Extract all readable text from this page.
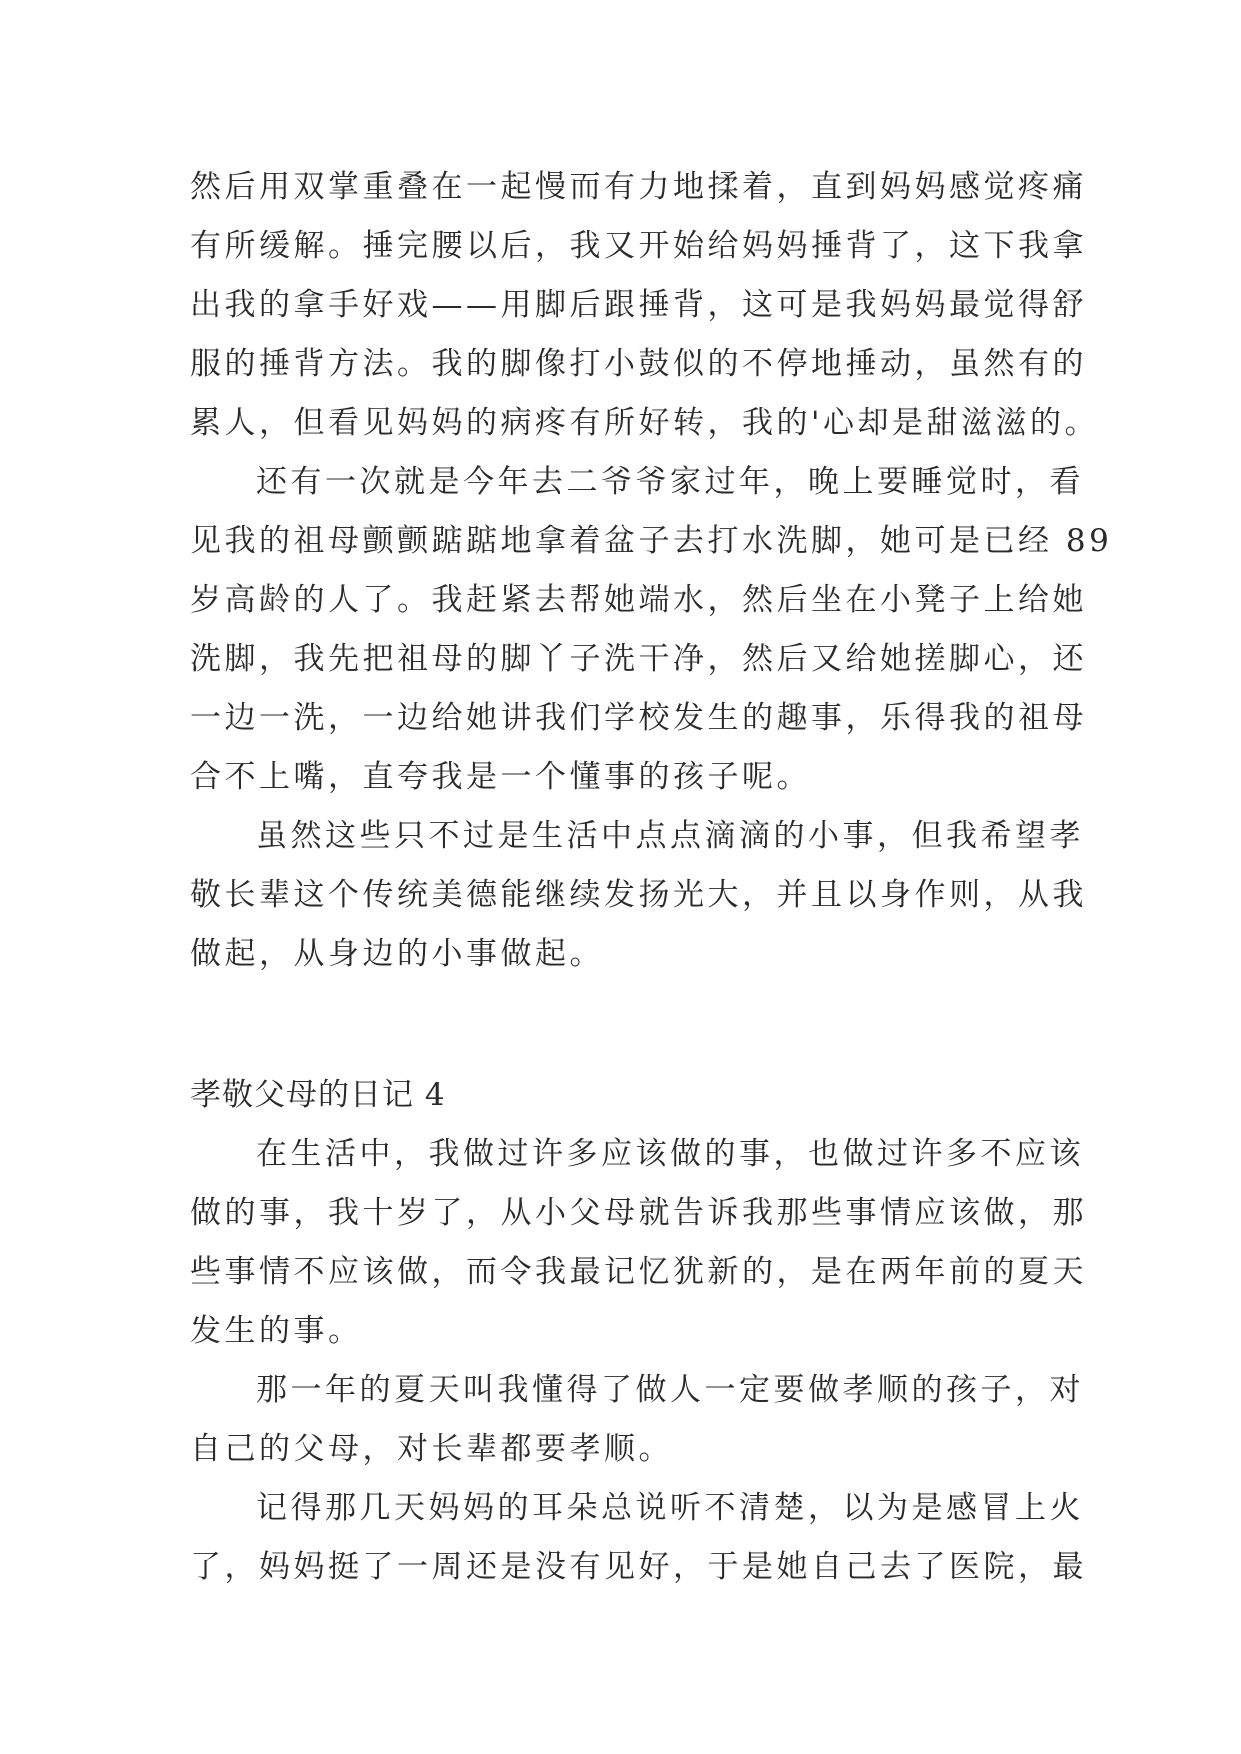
然后用双掌重叠在一起慢而有力地揉着，直到妈妈感觉疼痛

有所缓解。捶完腰以后，我又开始给妈妈捶背了，这下我拿

出我的拿手好戏——用脚后跟捶背，这可是我妈妈最觉得舒

服的捶背方法。我的脚像打小鼓似的不停地捶动，虽然有的

累人，但看见妈妈的病疼有所好转，我的'心却是甜滋滋的。

还有一次就是今年去二爷爷家过年，晚上要睡觉时，看

见我的祖母颤颤踮踮地拿着盆子去打水洗脚，她可是已经 89

岁高龄的人了。我赶紧去帮她端水，然后坐在小凳子上给她

洗脚，我先把祖母的脚丫子洗干净，然后又给她搓脚心，还

一边一洗，一边给她讲我们学校发生的趣事，乐得我的祖母

合不上嘴，直夸我是一个懂事的孩子呢。

虽然这些只不过是生活中点点滴滴的小事，但我希望孝

敬长辈这个传统美德能继续发扬光大，并且以身作则，从我

做起，从身边的小事做起。

孝敬父母的日记 4

在生活中，我做过许多应该做的事，也做过许多不应该

做的事，我十岁了，从小父母就告诉我那些事情应该做，那

些事情不应该做，而令我最记忆犹新的，是在两年前的夏天

发生的事。

那一年的夏天叫我懂得了做人一定要做孝顺的孩子，对

自己的父母，对长辈都要孝顺。

记得那几天妈妈的耳朵总说听不清楚，以为是感冒上火

了，妈妈挺了一周还是没有见好，于是她自己去了医院，最
